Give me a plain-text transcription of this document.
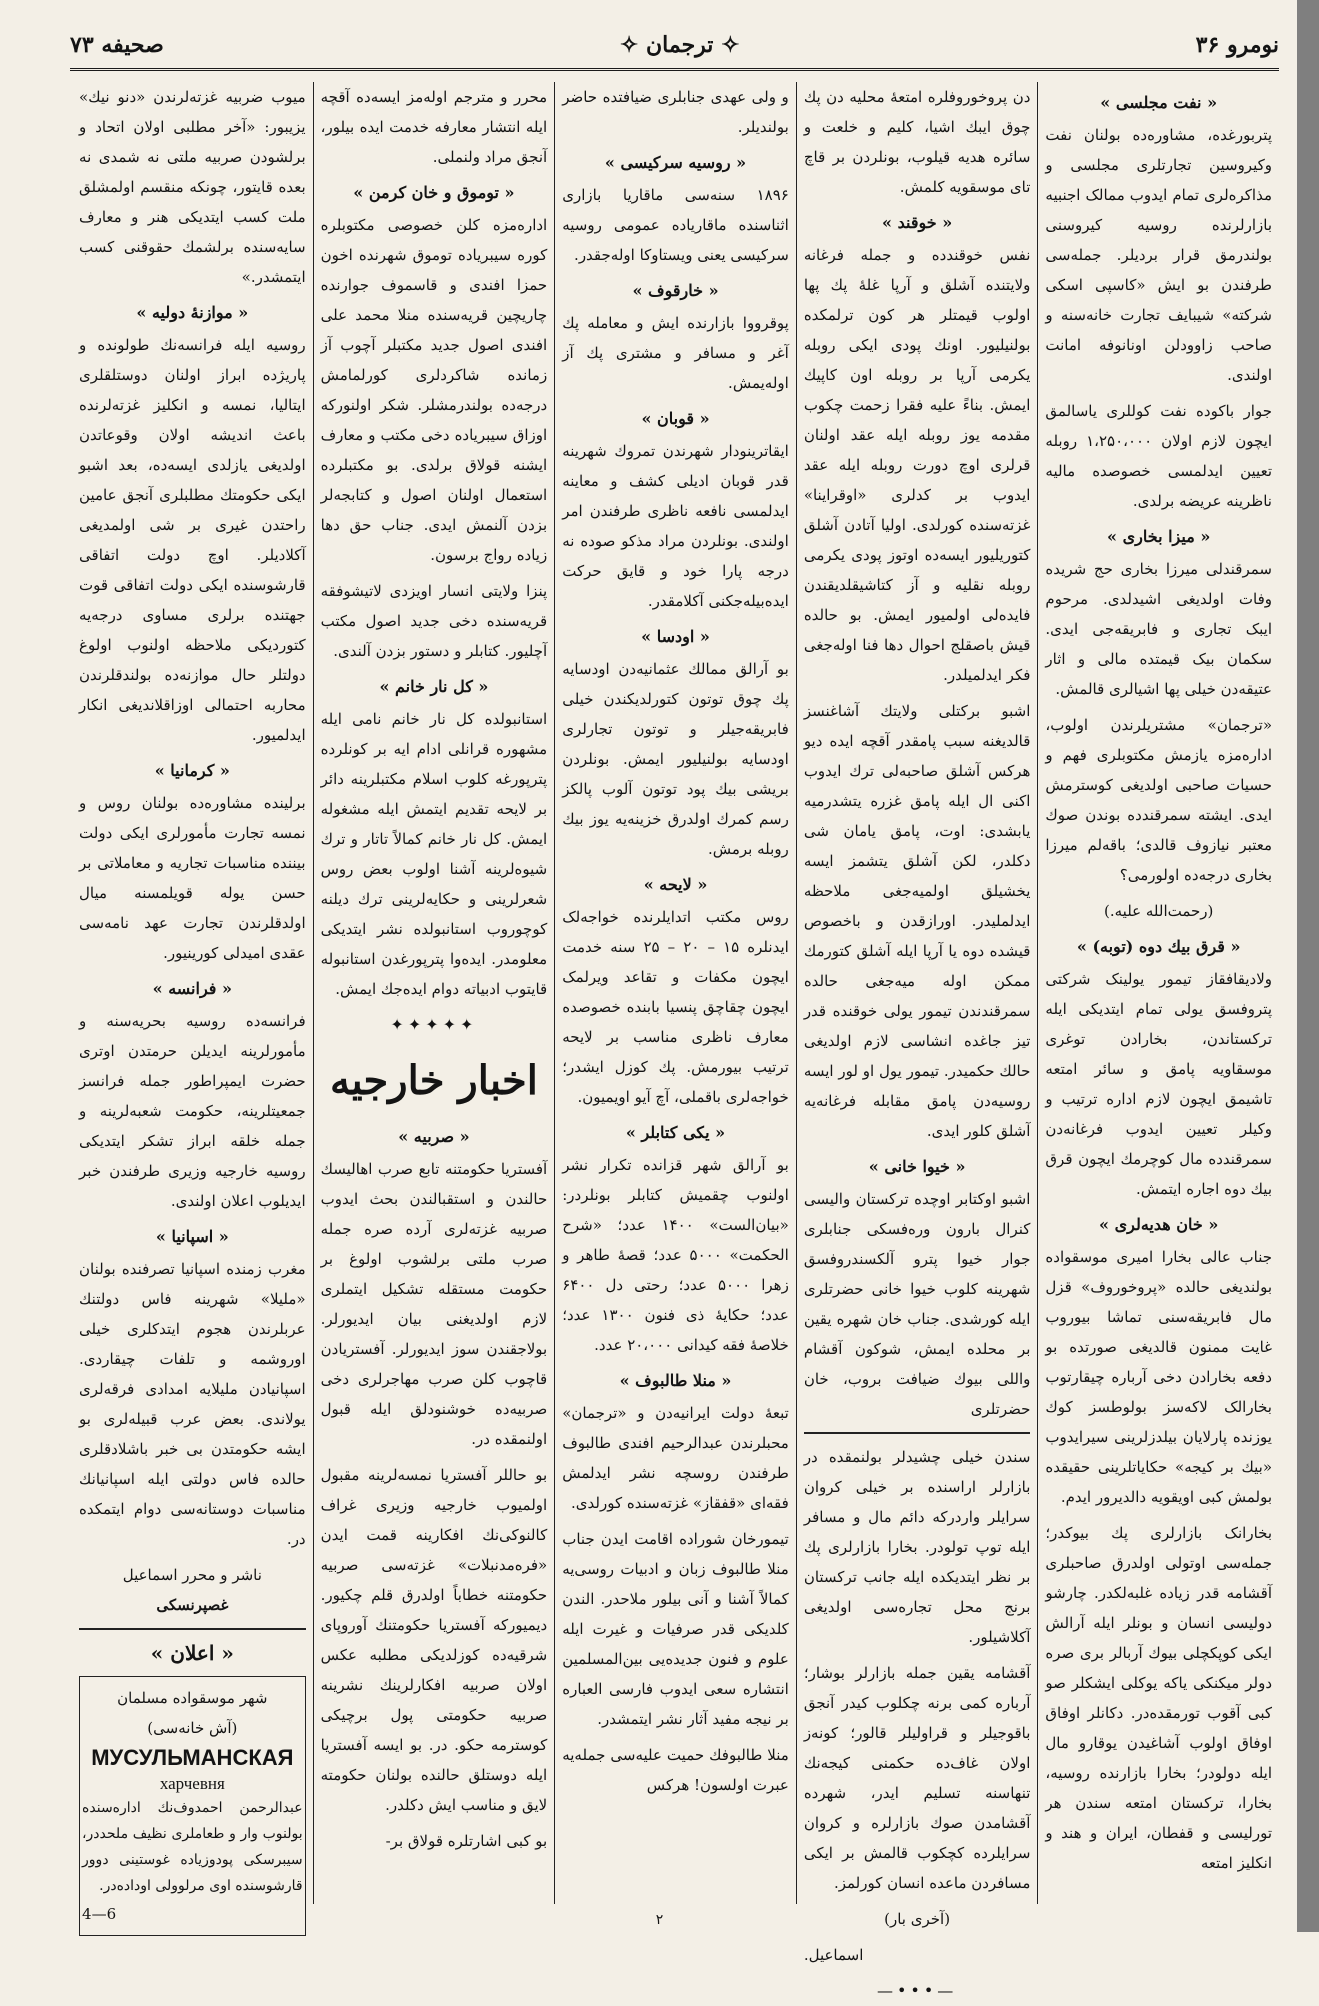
نومرو ۳۶
✧ ترجمان ✧
صحیفه ۷۳
« نفت مجلسی »

پتربورغده، مشاوره‌ده بولنان نفت وکیروسین تجارتلری مجلسی و مذاکره‌لری تمام ایدوب ممالک اجنبیه بازارلرنده روسیه کیروسنی بولندرمق قرار بردیلر. جمله‌سی طرفندن بو ایش «کاسپی اسکی شرکته» شیبایف تجارت خانه‌سنه و صاحب زاوودلن اونانوفه امانت اولندی.

جوار باکوده نفت کوللری یاسالمق ایچون لازم اولان ۱،۲۵۰،۰۰۰ روبله تعیین ایدلمسی خصوصده مالیه ناظرینه عریضه برلدی.

« میزا بخاری »

سمرقندلی میرزا بخاری حج شریده وفات اولدیغی اشیدلدی. مرحوم ایبک تجاری و فابریقه‌جی ایدی. سکمان بیک قیمتده مالی و اثار عتیقه‌دن خیلی پها اشیالری قالمش.

«ترجمان» مشتریلرندن اولوب، اداره‌مزه یازمش مکتوبلری فهم و حسیات صاحبی اولدیغی کوسترمش ایدی. ایشته سمرقندده بوندن صوك معتبر نیازوف قالدی؛ باقه‌لم میرزا بخاری درجه‌ده اولورمی؟

(رحمت‌الله علیه.)

« قرق بیك دوه (توبه) »

ولادیقافقاز تیمور یولینک شرکتی پتروفسق یولی تمام ایتدیکی ایله ترکستاندن، بخارادن توغری موسقاویه پامق و سائر امتعه تاشیمق ایچون لازم اداره ترتیب و وکیلر تعیین ایدوب فرغانه‌دن سمرقندده مال کوچرمك ایچون قرق بیك دوه اجاره ایتمش.

« خان هدیه‌لری »

جناب عالی بخارا امیری موسقواده بولندیغی حالده «پروخوروف» قزل مال فابریقه‌سنی تماشا بیوروب غایت ممنون قالدیغی صورتده بو دفعه بخارادن دخی آرباره چیقارتوب بخارالک لاکه‌سز بولوطسز کوك یوزنده پارلایان بیلدزلرینی سیرایدوب «بیك بر کیجه» حکایاتلرینی حقیقده بولمش کبی اویقویه دالدیرور ایدم.

بخارانک بازارلری پك بیوکدر؛ جمله‌سی اوتولی اولدرق صاحبلری آقشامه قدر زیاده غلبه‌لکدر. چارشو دولیسی انسان و بونلر ایله آرالش ایکی کوپکچلی بیوك آربالر بری صره دولر میکنکی یاکه یوکلی ایشکلر صو کبی آقوب تورمقده‌در. دکانلر اوفاق اوفاق اولوب آشاغیدن یوقارو مال ایله دولودر؛ بخارا بازارنده روسیه، بخارا، ترکستان امتعه سندن هر تورلیسی و قفطان، ایران و هند و انکلیز امتعه

دن پروخوروفلره امتعهٔ محلیه دن پك چوق ایبك اشیا، کلیم و خلعت و سائره هدیه قیلوب، بونلردن بر قاچ تای موسقویه کلمش.

« خوقند »

نفس خوقندده و جمله فرغانه ولایتنده آشلق و آرپا غلهٔ پك پها اولوب قیمتلر هر کون ترلمکده بولنیلیور. اونك پودی ایکی روبله یکرمی آرپا بر روبله اون کاپیك ایمش. بناءً علیه فقرا زحمت چکوب مقدمه یوز روبله ایله عقد اولنان قرلری اوچ دورت روبله ایله عقد ایدوب بر کدلری «اوقراینا» غزته‌سنده کورلدی. اولیا آتادن آشلق کتوریلیور ایسه‌ده اوتوز پودی یکرمی روبله نقلیه و آز کتاشیقلدیقندن فایده‌لی اولمیور ایمش. بو حالده قیش باصقلج احوال دها فنا اوله‌جغی فکر ایدلمیلدر.

اشبو برکتلی ولایتك آشاغنسز قالدیغنه سبب پامقدر آقچه ایده دیو هرکس آشلق صاحبه‌لی ترك ایدوب اکنی ال ایله پامق غزره یتشدرمیه یابشدی: اوت، پامق یامان شی دکلدر، لکن آشلق یتشمز ایسه یخشیلق اولمیه‌جغی ملاحظه ایدلملیدر. اورازقدن و باخصوص قیشده دوه یا آرپا ایله آشلق کتورمك ممکن اوله میه‌جغی حالده سمرقندندن تیمور یولی خوقنده قدر تیز جاغده انشاسی لازم اولدیغی حالك حکمیدر. تیمور یول او لور ایسه روسیه‌دن پامق مقابله فرغانه‌یه آشلق کلور ایدی.

« خیوا خانی »

اشبو اوکتابر اوچده ترکستان والیسی کنرال بارون وره‌فسکی جنابلری جوار خیوا پترو آلکسندروفسق شهرینه کلوب خیوا خانی حضرتلری ایله کورشدی. جناب خان شهره یقین بر محلده ایمش، شوکون آقشام واللی بیوك ضیافت بروب، خان حضرتلری

سندن خیلی چشیدلر بولنمقده در بازارلر اراسنده بر خیلی کروان سرایلر واردرکه دائم مال و مسافر ایله توپ تولودر. بخارا بازارلری پك بر نظر ایتدیکده ایله جانب ترکستان برنج محل تجاره‌سی اولدیغی آکلاشیلور.

آقشامه یقین جمله بازارلر بوشار؛ آرباره کمی برنه چکلوب کیدر آنجق باقوجیلر و قراولیلر قالور؛ کونه‌ز اولان غاف‌ده حکمنی کیجه‌نك تنهاسنه تسلیم ایدر، شهرده آقشامدن صوك بازارلره و کروان سرایلرده کچکوب قالمش بر ایکی مسافردن ماعده انسان کورلمز.

(آخری بار)

اسماعیل.

—•••—

و ولی عهدی جنابلری ضیافتده حاضر بولندیلر.

« روسیه سرکیسی »

۱۸۹۶ سنه‌سی ماقاریا بازاری اثناسنده ماقاریاده عمومی روسیه سرکیسی یعنی ویستاوکا اوله‌جقدر.

« خارقوف »

پوقرووا بازارنده ایش و معامله پك آغر و مسافر و مشتری پك آز اوله‌یمش.

« قوبان »

ایقاترینودار شهرندن تمروك شهرینه قدر قوبان ادیلی کشف و معاینه ایدلمسی نافعه ناظری طرفندن امر اولندی. بونلردن مراد مذکو صوده نه درجه پارا خود و قایق حرکت ایده‌بیله‌جکنی آکلامقدر.

« اودسا »

بو آرالق ممالك عثمانیه‌دن اودسایه پك چوق توتون کتورلدیکندن خیلی فابریقه‌جیلر و توتون تجارلری اودسایه بولنیلیور ایمش. بونلردن بریشی بیك پود توتون آلوب پالکز رسم کمرك اولدرق خزینه‌یه یوز بیك روبله برمش.

« لایحه »

روس مکتب اتدایلرنده خواجه‌لک ایدنلره ۱۵ – ۲۰ – ۲۵ سنه خدمت ایچون مکفات و تقاعد ویرلمک ایچون چقاچق پنسیا بابنده خصوصده معارف ناظری مناسب بر لایحه ترتیب بیورمش. پك کوزل ایشدر؛ خواجه‌لری باقملی، آچ آیو اویمیون.

« یکی کتابلر »

بو آرالق شهر قزانده تکرار نشر اولنوب چقمیش کتابلر بونلردر: «بیان‌الست» ۱۴۰۰ عدد؛ «شرح الحکمت» ۵۰۰۰ عدد؛ قصهٔ طاهر و زهرا ۵۰۰۰ عدد؛ رحتی دل ۶۴۰۰ عدد؛ حکایهٔ ذی فنون ۱۳۰۰ عدد؛ خلاصهٔ فقه کیدانی ۲۰،۰۰۰ عدد.

« منلا طالبوف »

تبعهٔ دولت ایرانیه‌دن و «ترجمان» محبلرندن عبدالرحیم افندی طالبوف طرفندن روسچه نشر ایدلمش فقه‌ای «قفقاز» غزته‌سنده کورلدی.

تیمورخان شوراده اقامت ایدن جناب منلا طالبوف زبان و ادبیات روسی‌یه کماﻻً آشنا و آنی بیلور ملاحدر. الندن کلدیکی قدر صرفیات و غیرت ایله علوم و فنون جدیده‌یی بین‌المسلمین انتشاره سعی ایدوب فارسی العباره بر نیجه مفید آثار نشر ایتمشدر.

منلا طالبوفك حمیت علیه‌سی جمله‌یه عبرت اولسون! هرکس

محرر و مترجم اوله‌مز ایسه‌ده آقچه ایله انتشار معارفه خدمت ایده بیلور، آنجق مراد ولنملی.

« توموق و خان کرمن »

اداره‌مزه کلن خصوصی مکتوبلره کوره سیبریاده توموق شهرنده اخون حمزا افندی و قاسموف جوارنده چاریچین قریه‌سنده منلا محمد علی افندی اصول جدید مکتبلر آچوب آز زمانده شاکردلری کورلمامش درجه‌ده بولندرمشلر. شکر اولنورکه اوزاق سیبریاده دخی مکتب و معارف ایشنه قولاق برلدی. بو مکتبلرده استعمال اولنان اصول و کتابجه‌لر بزدن آلنمش ایدی. جناب حق دها زیاده رواج برسون.

پنزا ولایتی انسار اویزدی لاتیشوفقه قریه‌سنده دخی جدید اصول مکتب آچلیور. کتابلر و دستور بزدن آلندی.

« کل نار خانم »

استانبولده کل نار خانم نامی ایله مشهوره قرانلی ادام ایه بر کونلرده پترپورغه کلوب اسلام مکتبلرینه دائر بر لایحه تقدیم ایتمش ایله مشغوله ایمش. کل نار خانم کماﻻً تاتار و ترك شیوه‌لرینه آشنا اولوب بعض روس شعرلرینی و حکایه‌لرینی ترك دیلنه کوچوروب استانبولده نشر ایتدیکی معلومدر. ایده‌وا پترپورغدن استانبوله قایتوب ادبیاته دوام ایده‌جك ایمش.

✦✦✦✦✦
اخبار خارجیه
« صربیه »

آفستریا حکومتنه تابع صرب اهالیسك حالندن و استقبالندن بحث ایدوب صربیه غزته‌لری آرده صره جمله صرب ملتی برلشوب اولوغ بر حکومت مستقله تشکیل ایتملری لازم اولدیغنی بیان ایدیورلر. بولاجقندن سوز ایدیورلر. آفستریادن قاچوب کلن صرب مهاجرلری دخی صربیه‌ده خوشنودلق ایله قبول اولنمقده در.

بو حاللر آفستریا نمسه‌لرینه مقبول اولمیوب خارجیه وزیری غراف کالنوکی‌نك افکارینه قمت ایدن «فره‌مدنبلات» غزته‌سی صربیه حکومتنه خطاباً اولدرق قلم چکیور. دیمیورکه آفستریا حکومتنك آوروپای شرقیه‌ده کوزلدیکی مطلبه عکس اولان صربیه افکارلرینك نشرینه صربیه حکومتی پول برچیکی کوسترمه حکو. در. بو ایسه آفستریا ایله دوستلق حالنده بولنان حکومته لایق و مناسب ایش دکلدر.

بو کبی اشارتلره قولاق بر-

میوب ضربیه غزته‌لرندن «دنو نیك» یزیبور: «آخر مطلبی اولان اتحاد و برلشودن صربیه ملتی نه شمدی نه بعده قایتور، چونکه منقسم اولمشلق ملت کسب ایتدیکی هنر و معارف سایه‌سنده برلشمك حقوقنی کسب ایتمشدر.»

« موازنهٔ دولیه »

روسیه ایله فرانسه‌نك طولونده و پاریژده ابراز اولنان دوستلقلری ایتالیا، نمسه و انکلیز غزته‌لرنده باعث اندیشه اولان وقوعاتدن اولدیغی یازلدی ایسه‌ده، بعد اشبو ایکی حکومتك مطلبلری آنجق عامین راحتدن غیری بر شی اولمدیغی آکلادیلر. اوچ دولت اتفاقی قارشوسنده ایکی دولت اتفاقی قوت جهتنده برلری مساوی درجه‌یه کتوردیکی ملاحظه اولنوب اولوغ دولتلر حال موازنه‌ده بولندقلرندن محاربه احتمالی اوزاقلاندیغی انکار ایدلمیور.

« کرمانیا »

برلینده مشاوره‌ده بولنان روس و نمسه تجارت مأمورلری ایکی دولت بیننده مناسبات تجاریه و معاملاتی بر حسن یوله قویلمسنه میال اولدقلرندن تجارت عهد نامه‌سی عقدی امیدلی کورینیور.

« فرانسه »

فرانسه‌ده روسیه بحریه‌سنه و مأمورلرینه ایدیلن حرمتدن اوتری حضرت ایمپراطور جمله فرانسز جمعیتلرینه، حکومت شعبه‌لرینه و جمله خلقه ابراز تشکر ایتدیکی روسیه خارجیه وزیری طرفندن خبر ایدیلوب اعلان اولندی.

« اسپانیا »

مغرب زمنده اسپانیا تصرفنده بولنان «ملیلا» شهرینه فاس دولتنك عربلرندن هجوم ایتدکلری خیلی اوروشمه و تلفات چیقاردی. اسپانیادن ملیلایه امدادی فرقه‌لری یولاندی. بعض عرب قبیله‌لری بو ایشه حکومتدن بی خبر باشلادقلری حالده فاس دولتی ایله اسپانیانك مناسبات دوستانه‌سی دوام ایتمکده در.

ناشر و محرر اسماعیل
غصپرنسکی
« اعلان »
شهر موسقواده مسلمان
(آش خانه‌سی)
МУСУЛЬМАНСКАЯ
харчевня
عبدالرحمن احمدوف‌نك اداره‌سنده بولنوب وار و طعاملری نظیف ملحددر، سیبرسکی پودوزیاده غوستینی دوور قارشوسنده اوی مرلوولی اوداده‌در.
4—6	۲
